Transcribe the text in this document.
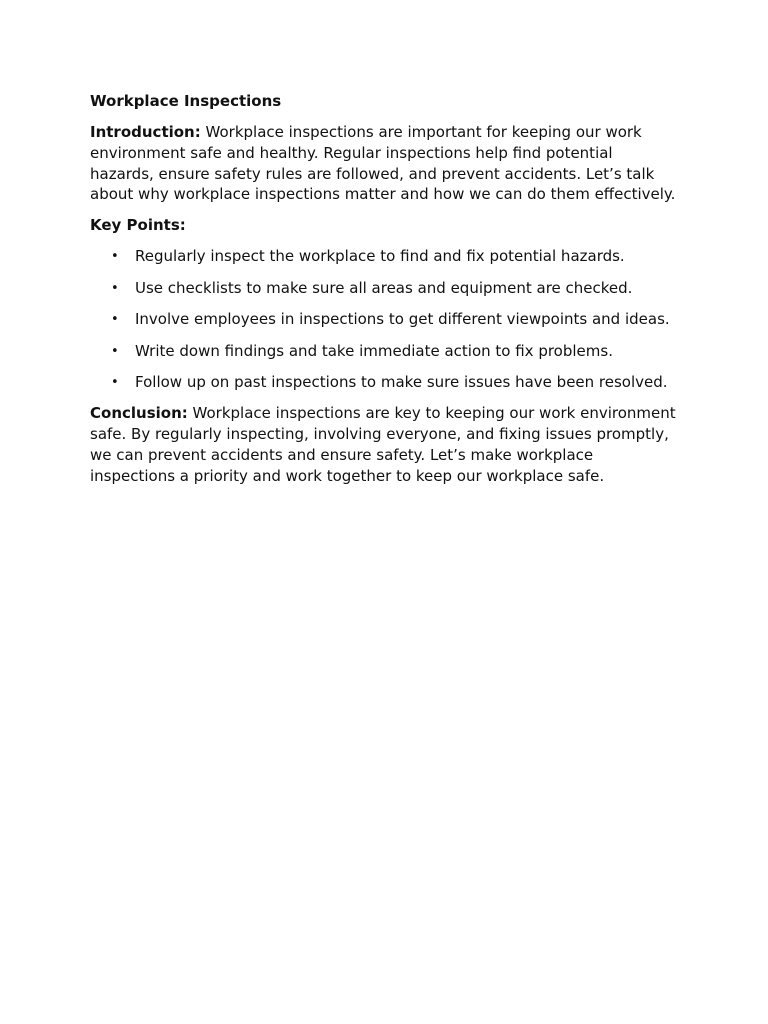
Workplace Inspections

Introduction: Workplace inspections are important for keeping our work environment safe and healthy. Regular inspections help find potential hazards, ensure safety rules are followed, and prevent accidents. Let’s talk about why workplace inspections matter and how we can do them effectively.

Key Points:
• Regularly inspect the workplace to find and fix potential hazards.
• Use checklists to make sure all areas and equipment are checked.
• Involve employees in inspections to get different viewpoints and ideas.
• Write down findings and take immediate action to fix problems.
• Follow up on past inspections to make sure issues have been resolved.

Conclusion: Workplace inspections are key to keeping our work environment safe. By regularly inspecting, involving everyone, and fixing issues promptly, we can prevent accidents and ensure safety. Let’s make workplace inspections a priority and work together to keep our workplace safe.
